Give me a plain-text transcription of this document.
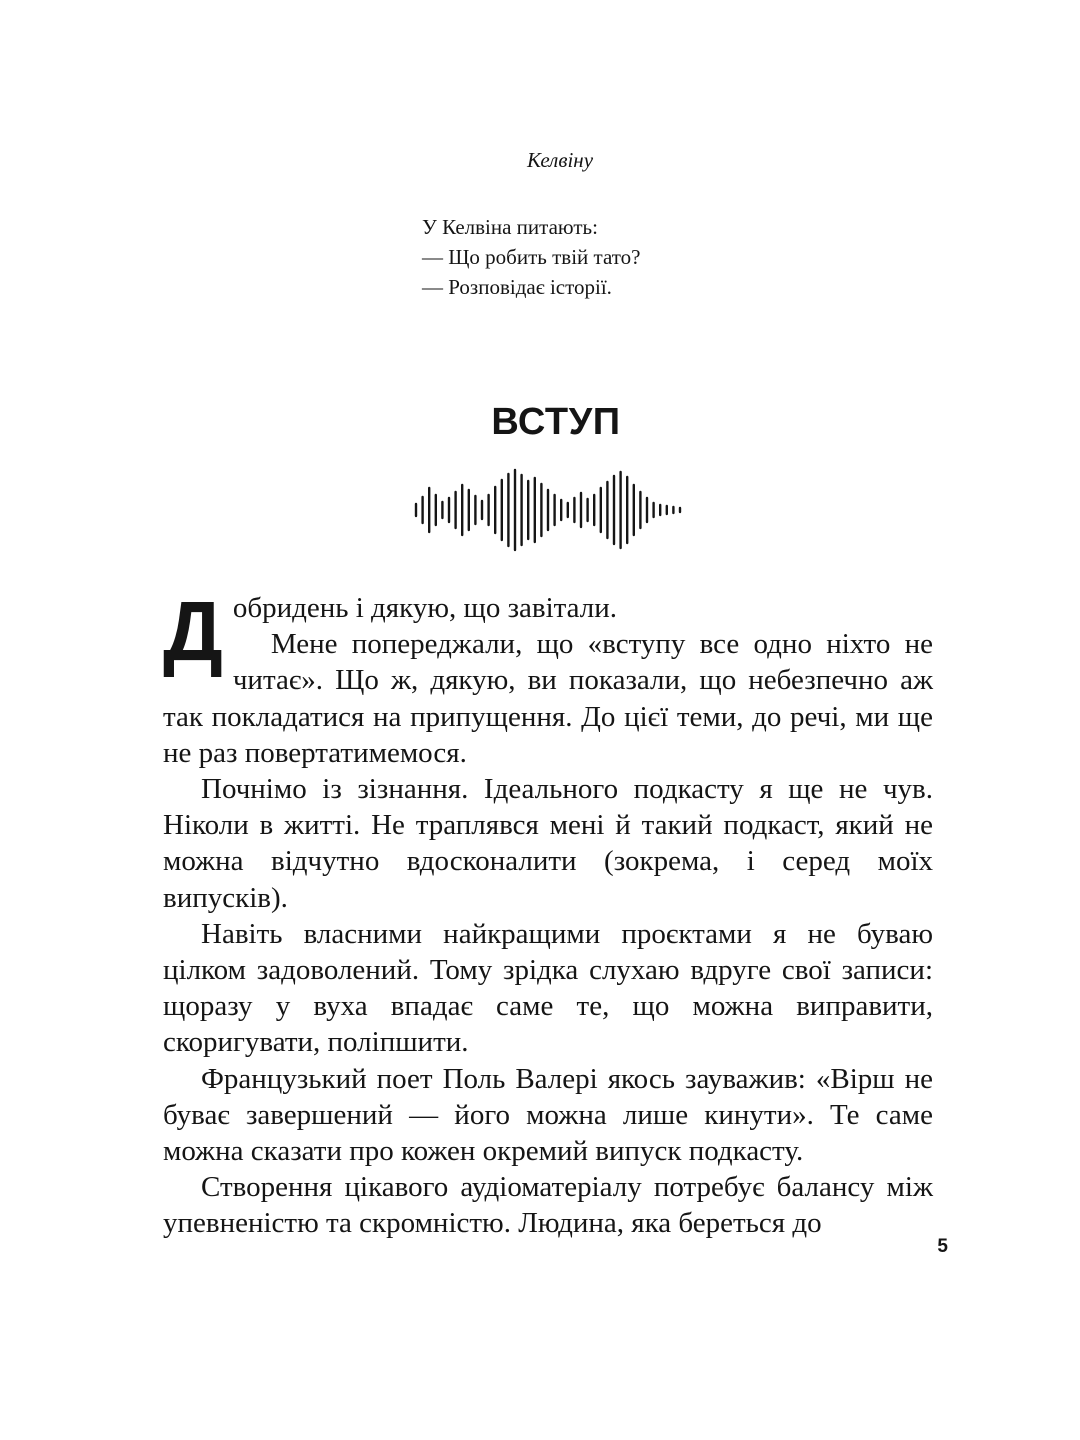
Келвіну
У Келвіна питають:
— Що робить твій тато?
— Розповідає історії.
ВСТУП

Добридень і дякую, що завітали.

Мене попереджали, що «вступу все одно ніхто не читає». Що ж, дякую, ви показали, що небезпечно аж так покладатися на припущення. До цієї теми, до речі, ми ще не раз повертатимемося.

Почнімо із зізнання. Ідеального подкасту я ще не чув. Ніколи в житті. Не траплявся мені й такий подкаст, який не можна відчутно вдосконалити (зокрема, і серед моїх випусків).

Навіть власними найкращими проєктами я не буваю цілком задоволений. Тому зрідка слухаю вдруге свої записи: щоразу у вуха впадає саме те, що можна виправити, скоригувати, поліпшити.

Французький поет Поль Валері якось зауважив: «Вірш не буває завершений — його можна лише кинути». Те саме можна сказати про кожен окремий випуск подкасту.

Створення цікавого аудіоматеріалу потребує балансу між упевненістю та скромністю. Людина, яка береться до

5
